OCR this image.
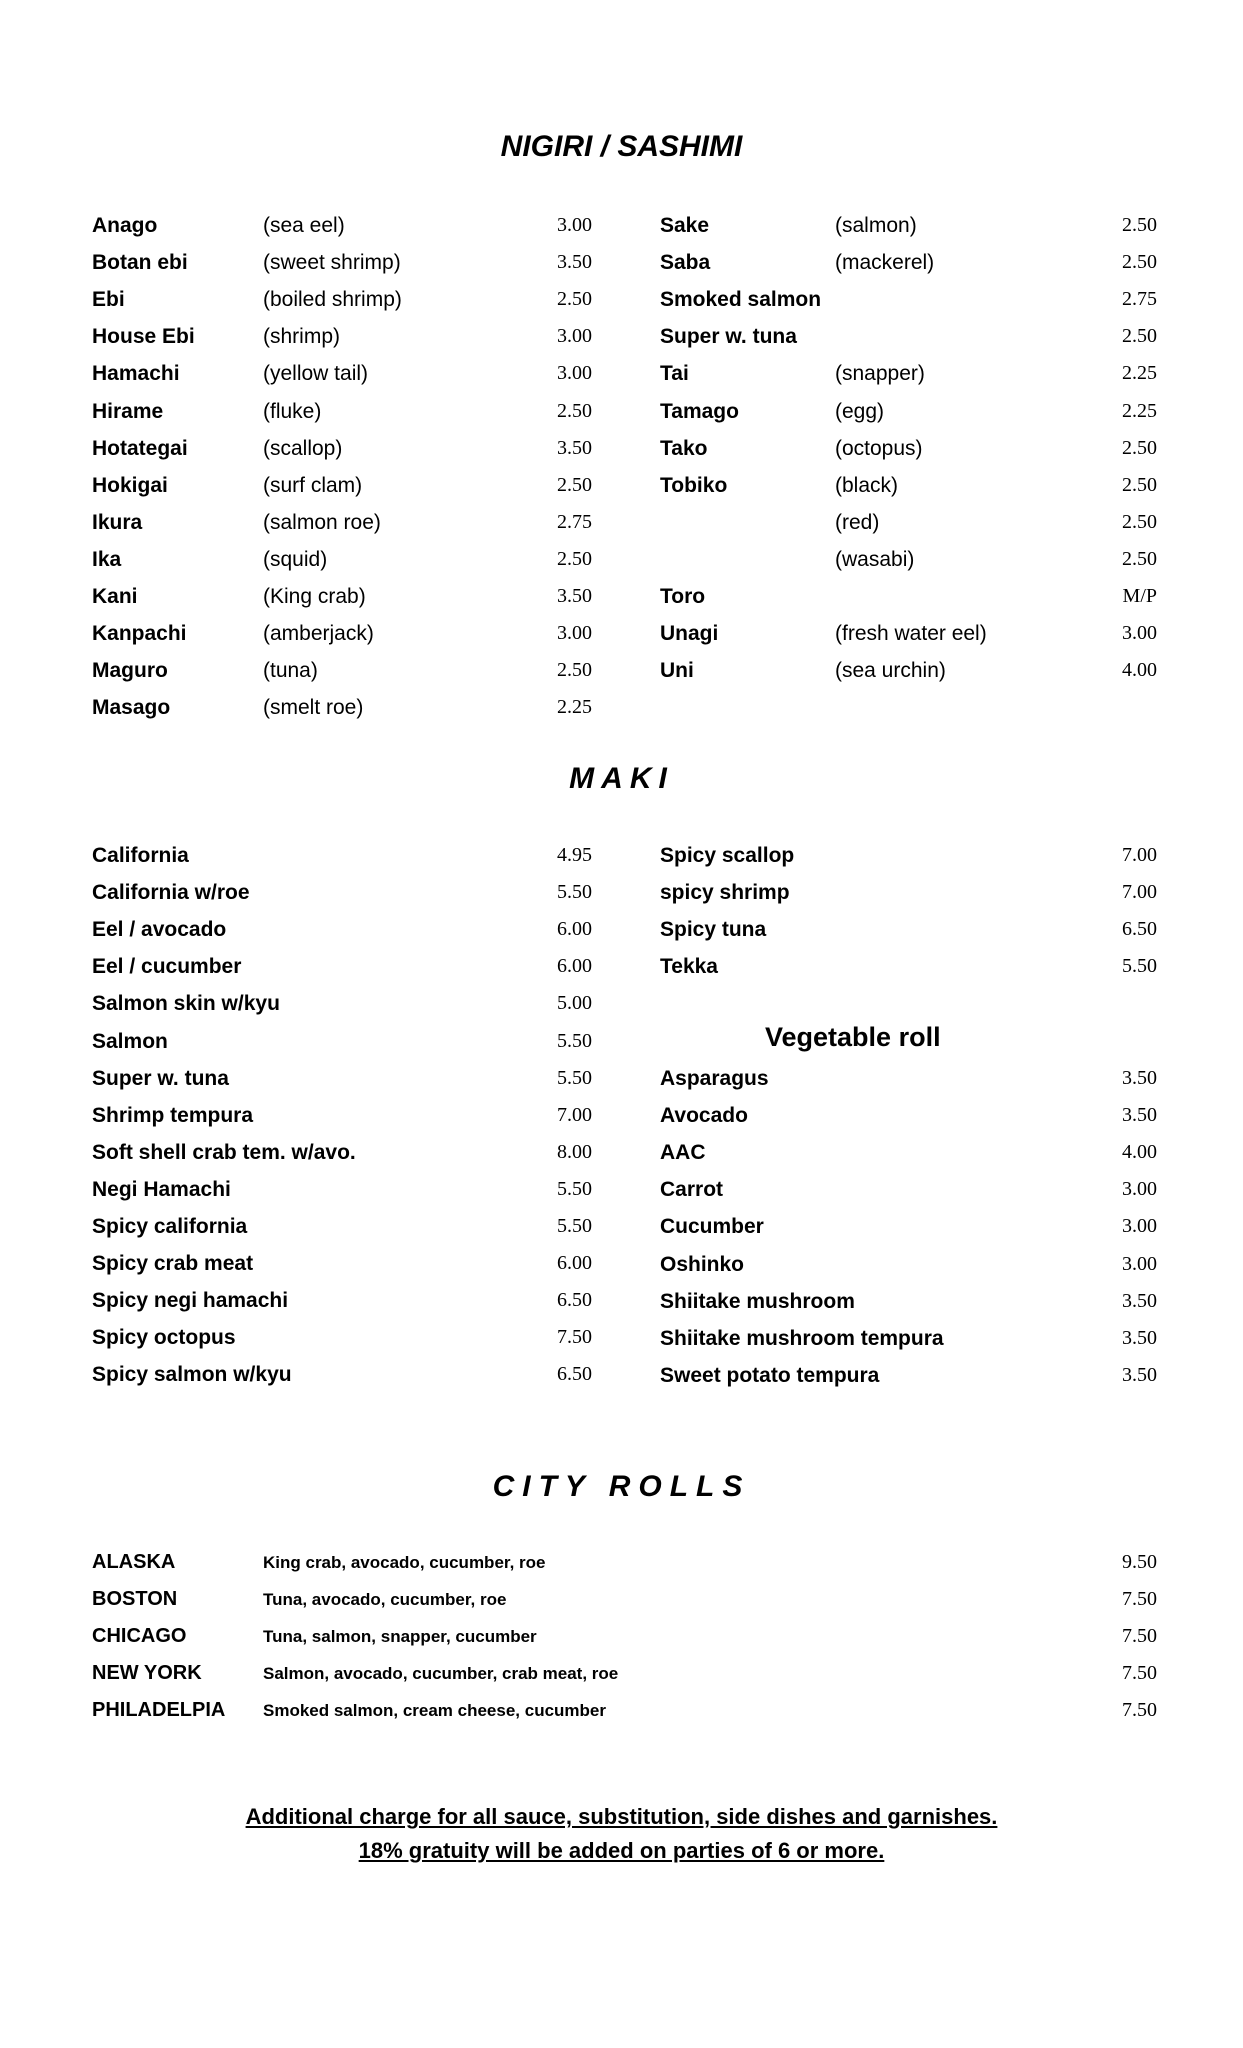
NIGIRI / SASHIMI
Anago	(sea eel)	3.00
Botan ebi	(sweet shrimp)	3.50
Ebi	(boiled shrimp)	2.50
House Ebi	(shrimp)	3.00
Hamachi	(yellow tail)	3.00
Hirame	(fluke)	2.50
Hotategai	(scallop)	3.50
Hokigai	(surf clam)	2.50
Ikura	(salmon roe)	2.75
Ika	(squid)	2.50
Kani	(King crab)	3.50
Kanpachi	(amberjack)	3.00
Maguro	(tuna)	2.50
Masago	(smelt roe)	2.25
Sake	(salmon)	2.50
Saba	(mackerel)	2.50
Smoked salmon	2.75
Super w. tuna	2.50
Tai	(snapper)	2.25
Tamago	(egg)	2.25
Tako	(octopus)	2.50
Tobiko	(black)	2.50
(red)	2.50
(wasabi)	2.50
Toro	M/P
Unagi	(fresh water eel)	3.00
Uni	(sea urchin)	4.00
MAKI
California	4.95
California w/roe	5.50
Eel / avocado	6.00
Eel / cucumber	6.00
Salmon skin w/kyu	5.00
Salmon	5.50
Super w. tuna	5.50
Shrimp tempura	7.00
Soft shell crab tem. w/avo.	8.00
Negi Hamachi	5.50
Spicy california	5.50
Spicy crab meat	6.00
Spicy negi hamachi	6.50
Spicy octopus	7.50
Spicy salmon w/kyu	6.50
Spicy scallop	7.00
spicy shrimp	7.00
Spicy tuna	6.50
Tekka	5.50
Vegetable roll
Asparagus	3.50
Avocado	3.50
AAC	4.00
Carrot	3.00
Cucumber	3.00
Oshinko	3.00
Shiitake mushroom	3.50
Shiitake mushroom tempura	3.50
Sweet potato tempura	3.50
CITY ROLLS
ALASKA	King crab, avocado, cucumber, roe	9.50
BOSTON	Tuna, avocado, cucumber, roe	7.50
CHICAGO	Tuna, salmon, snapper, cucumber	7.50
NEW YORK	Salmon, avocado, cucumber, crab meat, roe	7.50
PHILADELPIA Smoked salmon, cream cheese, cucumber	7.50
Additional charge for all sauce, substitution, side dishes and garnishes.
18% gratuity will be added on parties of 6 or more.
